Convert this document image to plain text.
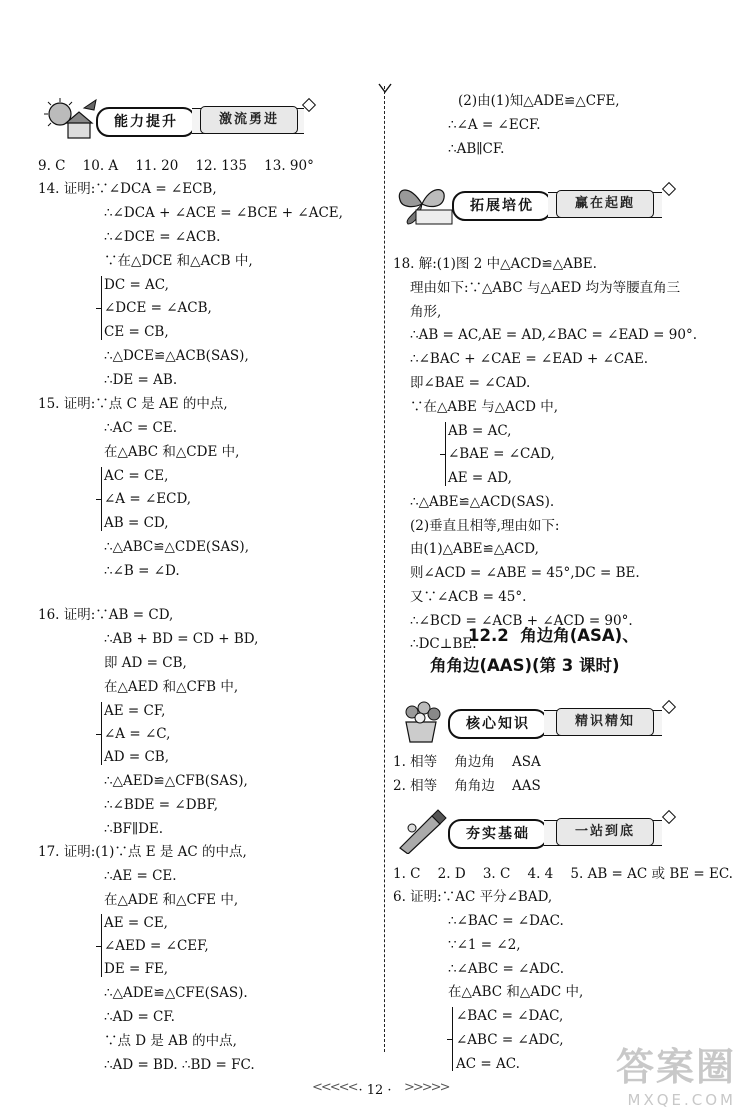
能力提升	激流勇进
9. C    10. A    11. 20    12. 135    13. 90°
14. 证明:∵∠DCA = ∠ECB,
∴∠DCA + ∠ACE = ∠BCE + ∠ACE,
∴∠DCE = ∠ACB.
∵在△DCE 和△ACB 中,
DC = AC,
∠DCE = ∠ACB,
CE = CB,
∴△DCE≌△ACB(SAS),
∴DE = AB.
15. 证明:∵点 C 是 AE 的中点,
∴AC = CE.
在△ABC 和△CDE 中,
AC = CE,
∠A = ∠ECD,
AB = CD,
∴△ABC≌△CDE(SAS),
∴∠B = ∠D.
16. 证明:∵AB = CD,
∴AB + BD = CD + BD,
即 AD = CB,
在△AED 和△CFB 中,
AE = CF,
∠A = ∠C,
AD = CB,
∴△AED≌△CFB(SAS),
∴∠BDE = ∠DBF,
∴BF∥DE.
17. 证明:(1)∵点 E 是 AC 的中点,
∴AE = CE.
在△ADE 和△CFE 中,
AE = CE,
∠AED = ∠CEF,
DE = FE,
∴△ADE≌△CFE(SAS).
∴AD = CF.
∵点 D 是 AB 的中点,
∴AD = BD. ∴BD = FC.
(2)由(1)知△ADE≌△CFE,
∴∠A = ∠ECF.
∴AB∥CF.
拓展培优	赢在起跑
18. 解:(1)图 2 中△ACD≌△ABE.
理由如下:∵△ABC 与△AED 均为等腰直角三
角形,
∴AB = AC,AE = AD,∠BAC = ∠EAD = 90°.
∴∠BAC + ∠CAE = ∠EAD + ∠CAE.
即∠BAE = ∠CAD.
∵在△ABE 与△ACD 中,
AB = AC,
∠BAE = ∠CAD,
AE = AD,
∴△ABE≌△ACD(SAS).
(2)垂直且相等,理由如下:
由(1)△ABE≌△ACD,
则∠ACD = ∠ABE = 45°,DC = BE.
又∵∠ACB = 45°.
∴∠BCD = ∠ACB + ∠ACD = 90°.
∴DC⊥BE.
12.2  角边角(ASA)、
角角边(AAS)(第 3 课时)
核心知识	精识精知
1. 相等    角边角    ASA
2. 相等    角角边    AAS
夯实基础	一站到底
1. C    2. D    3. C    4. 4    5. AB = AC 或 BE = EC.
6. 证明:∵AC 平分∠BAD,
∴∠BAC = ∠DAC.
∵∠1 = ∠2,
∴∠ABC = ∠ADC.
在△ABC 和△ADC 中,
∠BAC = ∠DAC,
∠ABC = ∠ADC,
AC = AC.
<<<<< · 12 · >>>>>	答案圈
MXQE.COM
